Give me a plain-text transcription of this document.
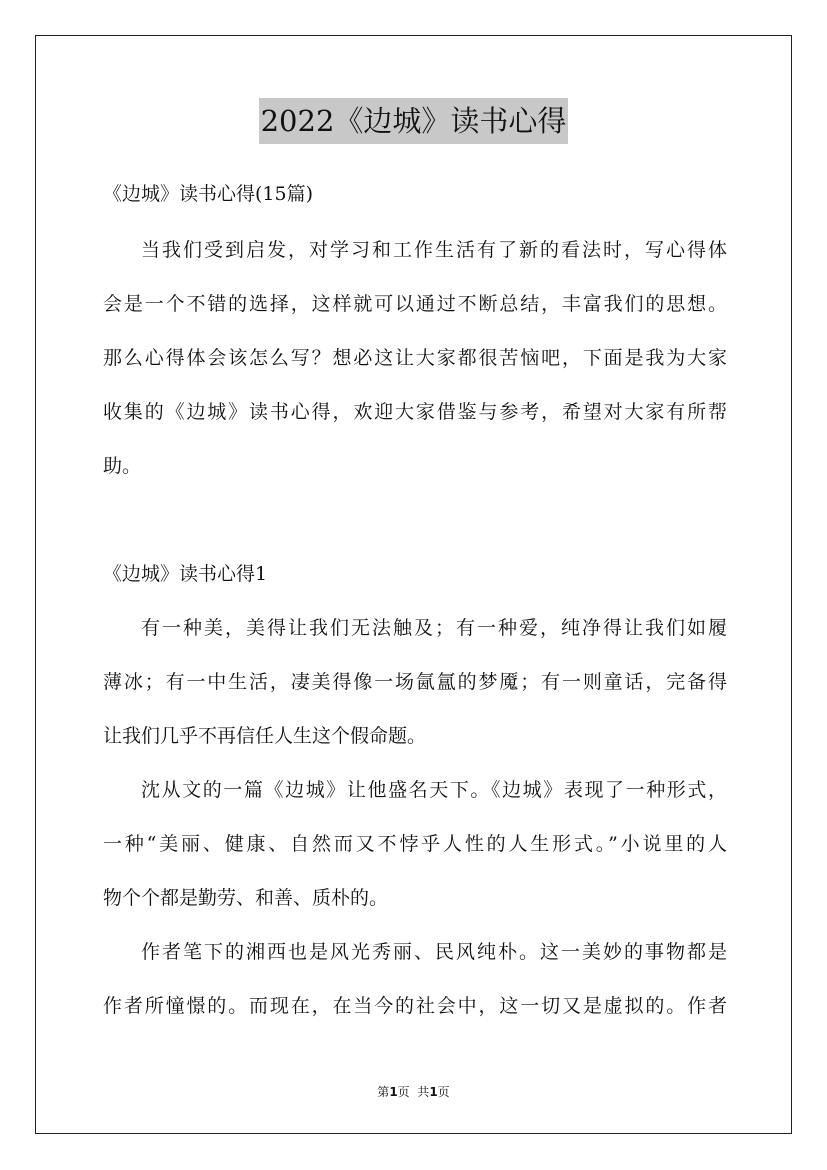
2022《边城》读书心得

《边城》读书心得(15篇)

当我们受到启发，对学习和工作生活有了新的看法时，写心得体

会是一个不错的选择，这样就可以通过不断总结，丰富我们的思想。

那么心得体会该怎么写？想必这让大家都很苦恼吧，下面是我为大家

收集的《边城》读书心得，欢迎大家借鉴与参考，希望对大家有所帮

助。

《边城》读书心得1

有一种美，美得让我们无法触及；有一种爱，纯净得让我们如履

薄冰；有一中生活，凄美得像一场氤氲的梦魇；有一则童话，完备得

让我们几乎不再信任人生这个假命题。

沈从文的一篇《边城》让他盛名天下。《边城》表现了一种形式，

一种“美丽、健康、自然而又不悖乎人性的人生形式。”小说里的人

物个个都是勤劳、和善、质朴的。

作者笔下的湘西也是风光秀丽、民风纯朴。这一美妙的事物都是

作者所憧憬的。而现在，在当今的社会中，这一切又是虚拟的。作者

第1页  共1页
